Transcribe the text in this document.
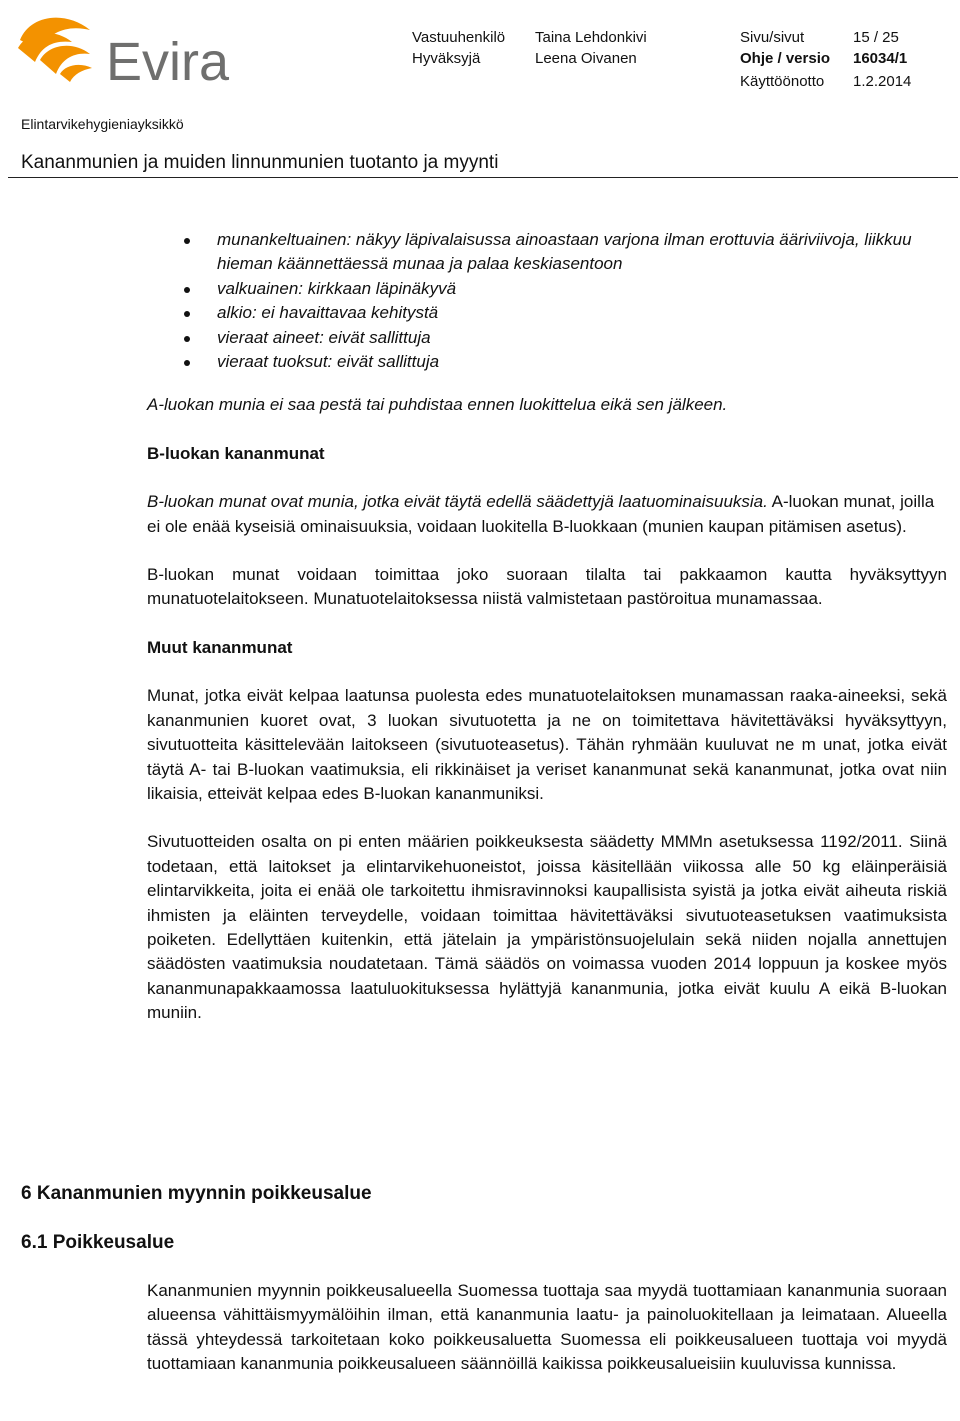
Evira	Vastuuhenkilö Taina Lehdonkivi	Sivu/sivut	15 / 25
Hyväksyjä	Leena Oivanen	Ohje / versio 16034/1
Käyttöönotto 1.2.2014
Elintarvikehygieniayksikkö
Kananmunien ja muiden linnunmunien tuotanto ja myynti
munankeltuainen: näkyy läpivalaisussa ainoastaan varjona ilman erottuvia ääriviivoja, liikkuu hieman käännettäessä munaa ja palaa keskiasentoon
valkuainen: kirkkaan läpinäkyvä
alkio: ei havaittavaa kehitystä
vieraat aineet: eivät sallittuja
vieraat tuoksut: eivät sallittuja

A-luokan munia ei saa pestä tai puhdistaa ennen luokittelua eikä sen jälkeen.

B-luokan kananmunat

B-luokan munat ovat munia, jotka eivät täytä edellä säädettyjä laatuominaisuuksia. A-luokan munat, joilla ei ole enää kyseisiä ominaisuuksia, voidaan luokitella B-luokkaan (munien kaupan pitämisen asetus).

B-luokan munat voidaan toimittaa joko suoraan tilalta tai pakkaamon kautta hyväksyttyyn munatuotelaitokseen. Munatuotelaitoksessa niistä valmistetaan pastöroitua munamassaa.

Muut kananmunat

Munat, jotka eivät kelpaa laatunsa puolesta edes munatuotelaitoksen munamassan raaka-aineeksi, sekä kananmunien kuoret ovat, 3 luokan sivutuotetta ja ne on toimitettava hävitettäväksi hyväksyttyyn, sivutuotteita käsittelevään laitokseen (sivutuoteasetus). Tähän ryhmään kuuluvat ne m unat, jotka eivät täytä A- tai B-luokan vaatimuksia, eli rikkinäiset ja veriset kananmunat sekä kananmunat, jotka ovat niin likaisia, etteivät kelpaa edes B-luokan kananmuniksi.

Sivutuotteiden osalta on pi enten määrien poikkeuksesta säädetty MMMn asetuksessa 1192/2011. Siinä todetaan, että laitokset ja elintarvikehuoneistot, joissa käsitellään viikossa alle 50 kg eläinperäisiä elintarvikkeita, joita ei enää ole tarkoitettu ihmisravinnoksi kaupallisista syistä ja jotka eivät aiheuta riskiä ihmisten ja eläinten terveydelle, voidaan toimittaa hävitettäväksi sivutuoteasetuksen vaatimuksista poiketen. Edellyttäen kuitenkin, että jätelain ja ympäristönsuojelulain sekä niiden nojalla annettujen säädösten vaatimuksia noudatetaan. Tämä säädös on voimassa vuoden 2014 loppuun ja koskee myös kananmunapakkaamossa laatuluokituksessa hylättyjä kananmunia, jotka eivät kuulu A eikä B-luokan muniin.

6 Kananmunien myynnin poikkeusalue
6.1 Poikkeusalue

Kananmunien myynnin poikkeusalueella Suomessa tuottaja saa myydä tuottamiaan kananmunia suoraan alueensa vähittäismyymälöihin ilman, että kananmunia laatu- ja painoluokitellaan ja leimataan. Alueella tässä yhteydessä tarkoitetaan koko poikkeusaluetta Suomessa eli poikkeusalueen tuottaja voi myydä tuottamiaan kananmunia poikkeusalueen säännöillä kaikissa poikkeusalueisiin kuuluvissa kunnissa.
